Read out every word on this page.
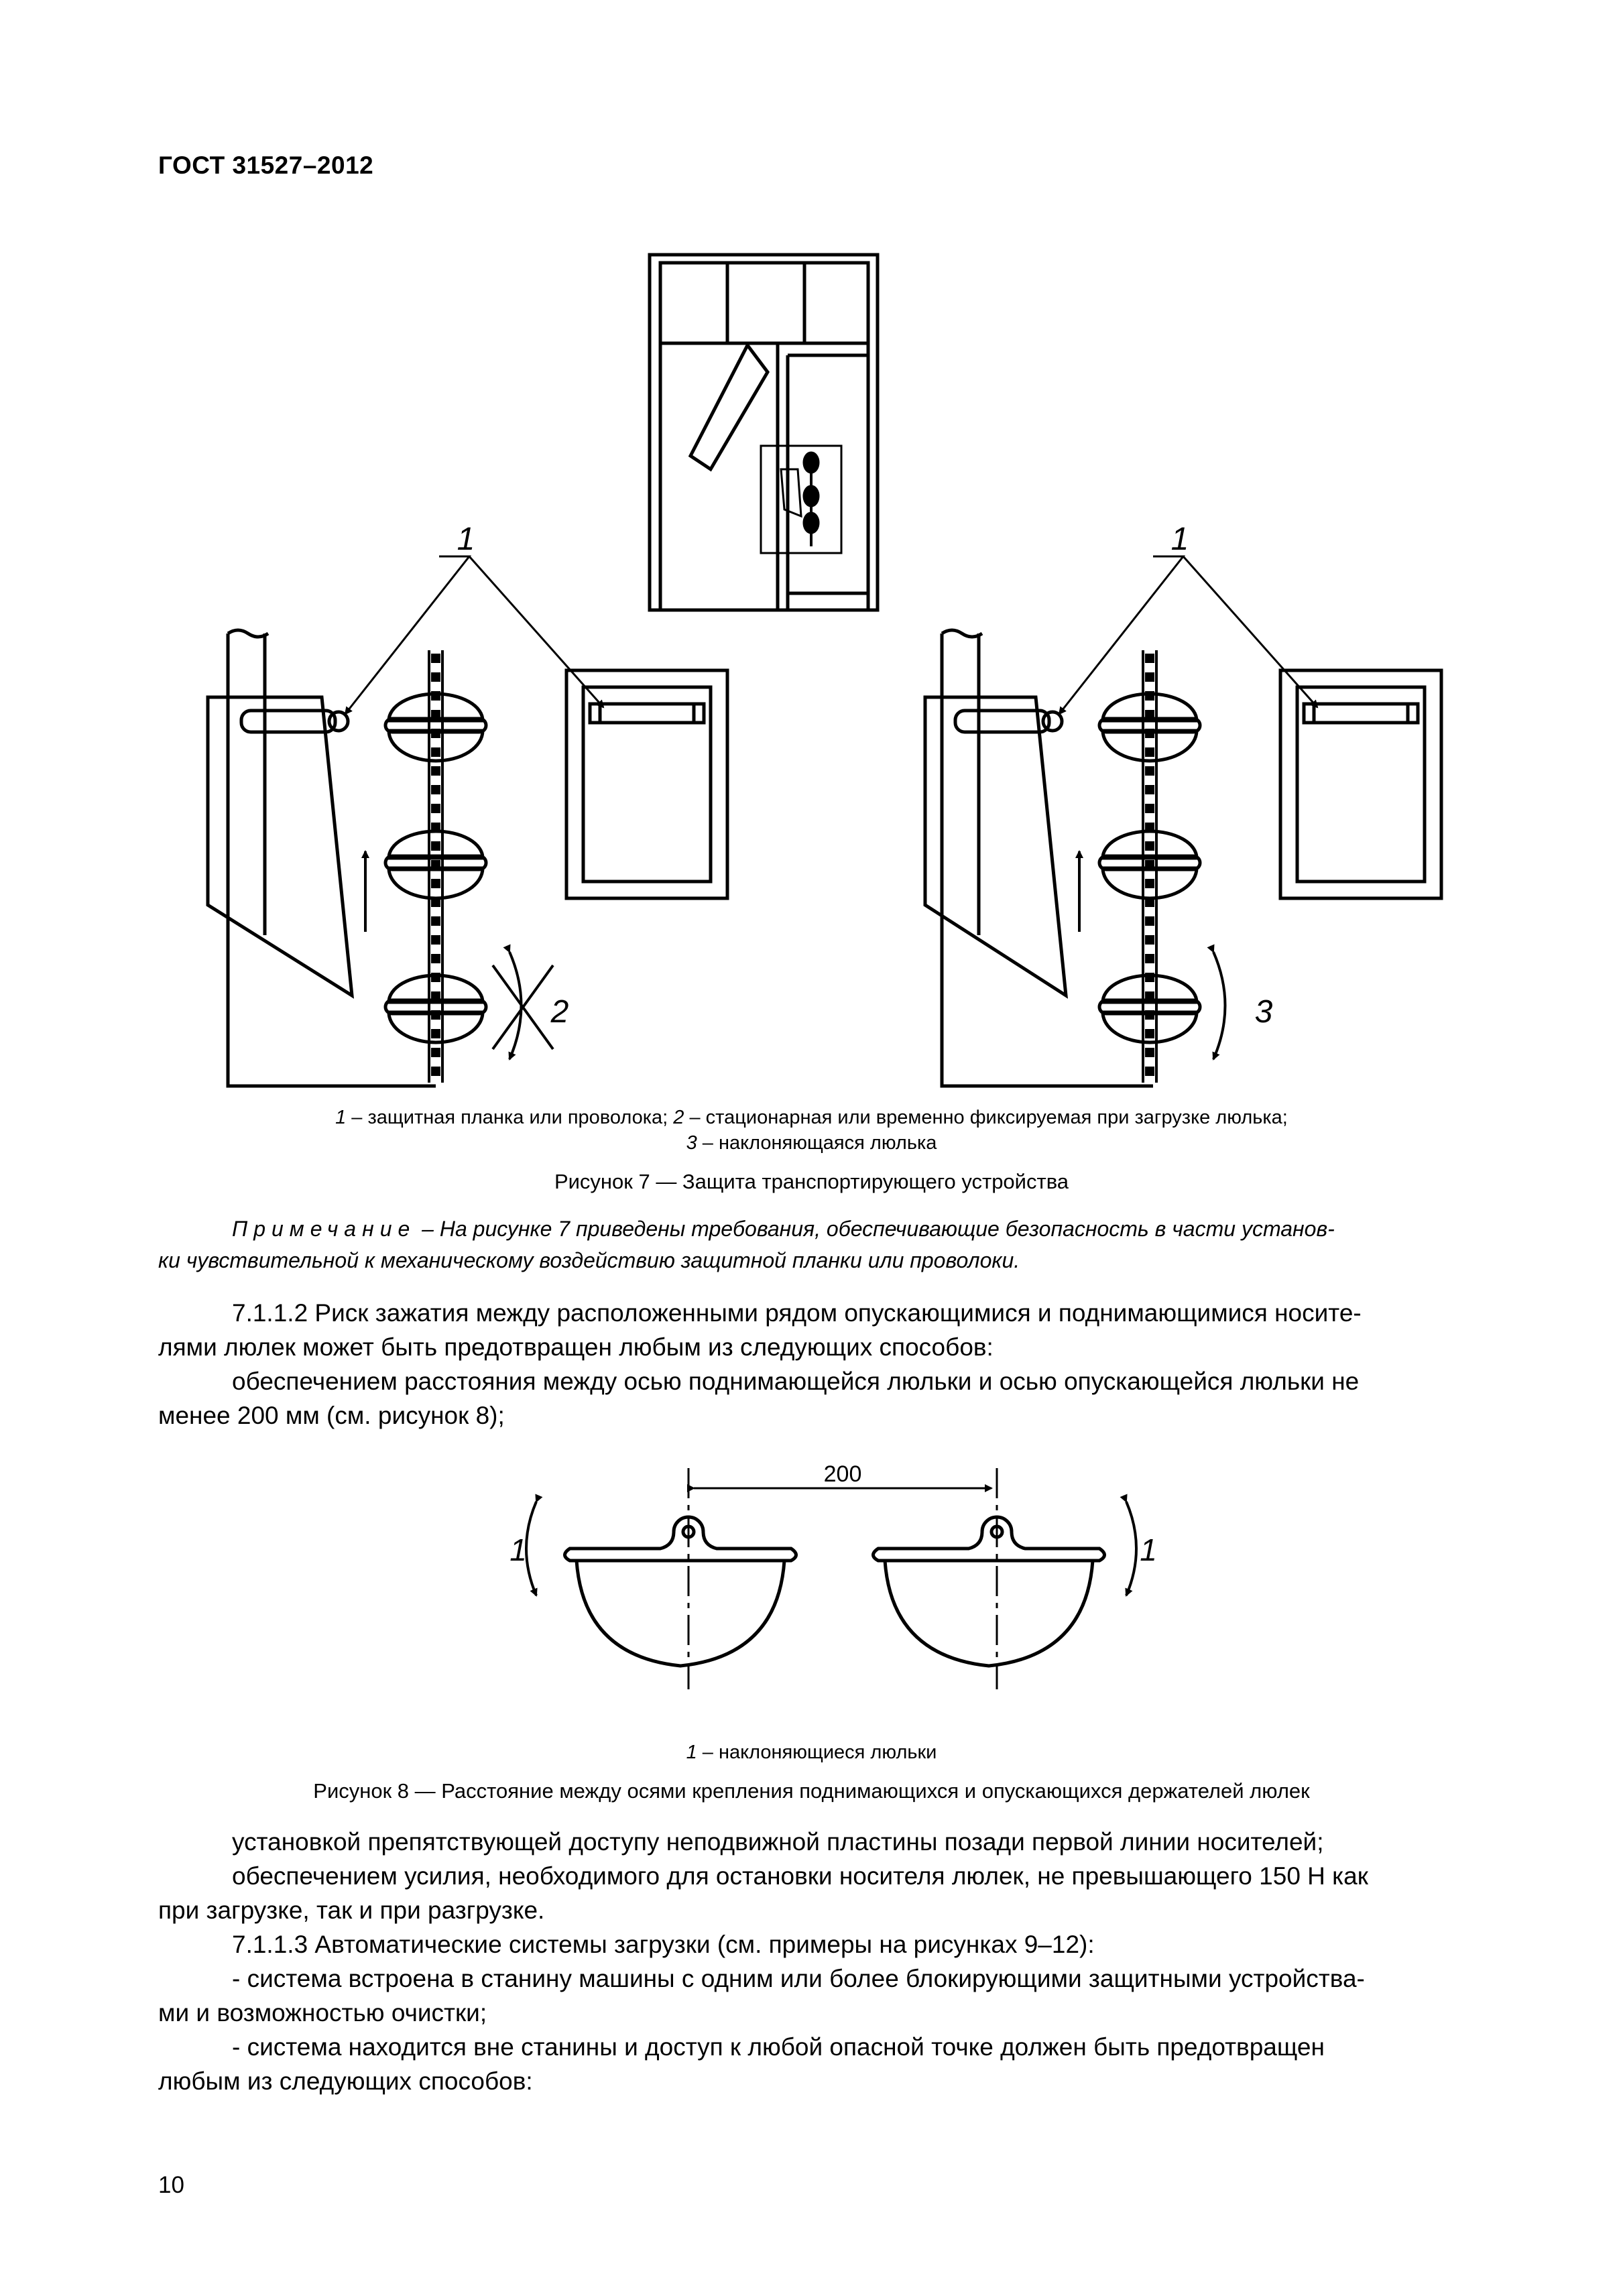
ГОСТ 31527–2012
1	1
2	3
1 – защитная планка или проволока; 2 – стационарная или временно фиксируемая при загрузке люлька;
3 – наклоняющаяся люлька
Рисунок 7 — Защита транспортирующего устройства
Примечание – На рисунке 7 приведены требования, обеспечивающие безопасность в части установ-
ки чувствительной к механическому воздействию защитной планки или проволоки.
7.1.1.2 Риск зажатия между расположенными рядом опускающимися и поднимающимися носите-
лями люлек может быть предотвращен любым из следующих способов:
обеспечением расстояния между осью поднимающейся люльки и осью опускающейся люльки не
менее 200 мм (см. рисунок 8);
200
1	1
1 – наклоняющиеся люльки
Рисунок 8 — Расстояние между осями крепления поднимающихся и опускающихся держателей люлек
установкой препятствующей доступу неподвижной пластины позади первой линии носителей;
обеспечением усилия, необходимого для остановки носителя люлек, не превышающего 150 Н как
при загрузке, так и при разгрузке.
7.1.1.3 Автоматические системы загрузки (см. примеры на рисунках 9–12):
- система встроена в станину машины с одним или более блокирующими защитными устройства-
ми и возможностью очистки;
- система находится вне станины и доступ к любой опасной точке должен быть предотвращен
любым из следующих способов:
10
